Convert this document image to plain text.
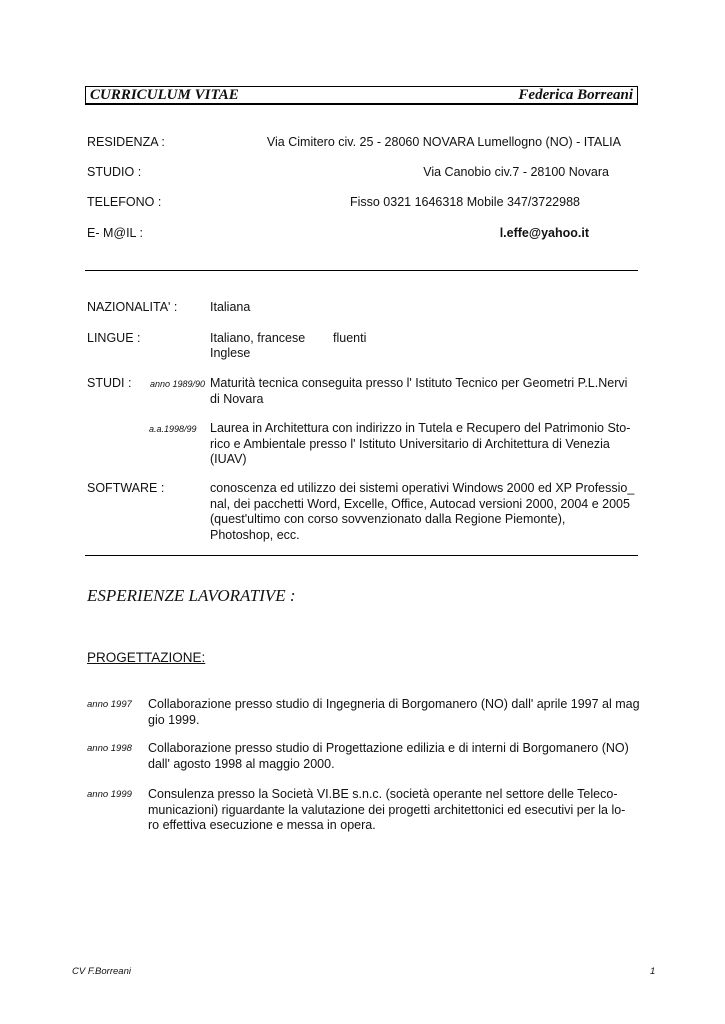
CURRICULUM VITAE	Federica Borreani
RESIDENZA :	Via Cimitero civ. 25 - 28060 NOVARA Lumellogno (NO) - ITALIA
STUDIO :	Via Canobio civ.7 - 28100 Novara
TELEFONO :	Fisso 0321 1646318 Mobile 347/3722988
E- M@IL :	l.effe@yahoo.it
NAZIONALITA' :	Italiana
LINGUE :	Italiano, francese fluenti
Inglese
STUDI : anno 1989/90 Maturità tecnica conseguita presso l' Istituto Tecnico per Geometri P.L.Nervi
di Novara
a.a.1998/99 Laurea in Architettura con indirizzo in Tutela e Recupero del Patrimonio Sto-
rico e Ambientale presso l' Istituto Universitario di Architettura di Venezia
(IUAV)
SOFTWARE :	conoscenza ed utilizzo dei sistemi operativi Windows 2000 ed XP Professio_
nal, dei pacchetti Word, Excelle, Office, Autocad versioni 2000, 2004 e 2005
(quest'ultimo con corso sovvenzionato dalla Regione Piemonte),
Photoshop, ecc.
ESPERIENZE LAVORATIVE :
PROGETTAZIONE:
anno 1997 Collaborazione presso studio di Ingegneria di Borgomanero (NO) dall' aprile 1997 al mag
gio 1999.
anno 1998 Collaborazione presso studio di Progettazione edilizia e di interni di Borgomanero (NO)
dall' agosto 1998 al maggio 2000.
anno 1999 Consulenza presso la Società VI.BE s.n.c. (società operante nel settore delle Teleco-
municazioni) riguardante la valutazione dei progetti architettonici ed esecutivi per la lo-
ro effettiva esecuzione e messa in opera.
CV F.Borreani	1
